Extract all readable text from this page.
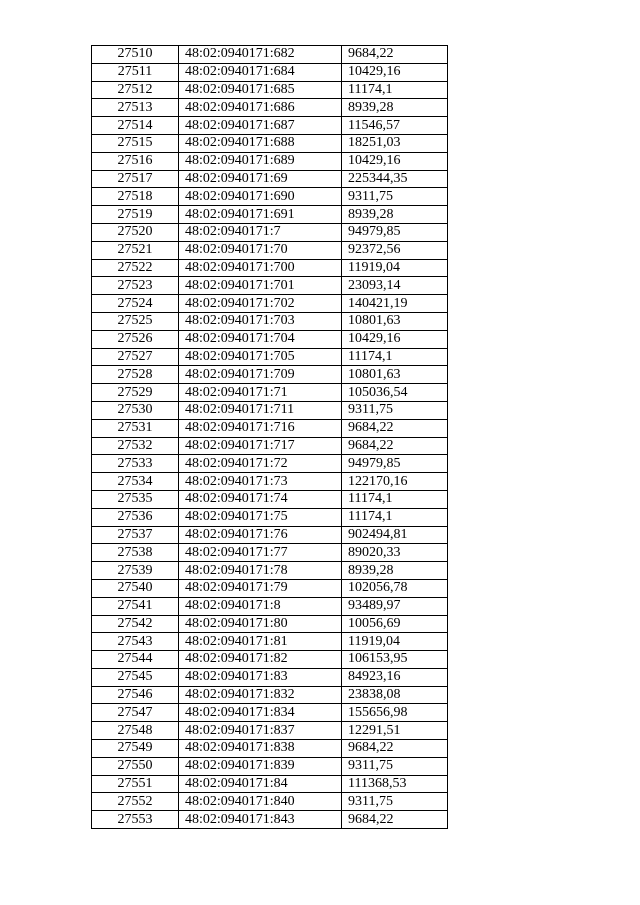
27510	48:02:0940171:682	9684,22
27511	48:02:0940171:684	10429,16
27512	48:02:0940171:685	11174,1
27513	48:02:0940171:686	8939,28
27514	48:02:0940171:687	11546,57
27515	48:02:0940171:688	18251,03
27516	48:02:0940171:689	10429,16
27517	48:02:0940171:69	225344,35
27518	48:02:0940171:690	9311,75
27519	48:02:0940171:691	8939,28
27520	48:02:0940171:7	94979,85
27521	48:02:0940171:70	92372,56
27522	48:02:0940171:700	11919,04
27523	48:02:0940171:701	23093,14
27524	48:02:0940171:702	140421,19
27525	48:02:0940171:703	10801,63
27526	48:02:0940171:704	10429,16
27527	48:02:0940171:705	11174,1
27528	48:02:0940171:709	10801,63
27529	48:02:0940171:71	105036,54
27530	48:02:0940171:711	9311,75
27531	48:02:0940171:716	9684,22
27532	48:02:0940171:717	9684,22
27533	48:02:0940171:72	94979,85
27534	48:02:0940171:73	122170,16
27535	48:02:0940171:74	11174,1
27536	48:02:0940171:75	11174,1
27537	48:02:0940171:76	902494,81
27538	48:02:0940171:77	89020,33
27539	48:02:0940171:78	8939,28
27540	48:02:0940171:79	102056,78
27541	48:02:0940171:8	93489,97
27542	48:02:0940171:80	10056,69
27543	48:02:0940171:81	11919,04
27544	48:02:0940171:82	106153,95
27545	48:02:0940171:83	84923,16
27546	48:02:0940171:832	23838,08
27547	48:02:0940171:834	155656,98
27548	48:02:0940171:837	12291,51
27549	48:02:0940171:838	9684,22
27550	48:02:0940171:839	9311,75
27551	48:02:0940171:84	111368,53
27552	48:02:0940171:840	9311,75
27553	48:02:0940171:843	9684,22
